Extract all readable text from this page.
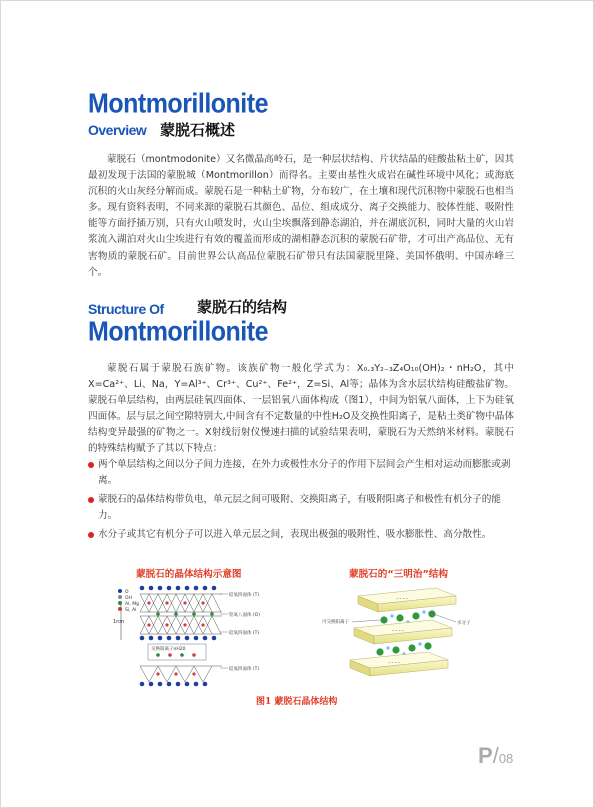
Montmorillonite
Overview 蒙脱石概述

蒙脱石（montmodonite）又名微晶高岭石，是一种层状结构、片状结晶的硅酸盐粘土矿，因其最初发现于法国的蒙脱城（Montmorillon）而得名。主要由基性火成岩在碱性环境中风化；或海底沉积的火山灰经分解而成。蒙脱石是一种粘土矿物，分布较广，在土壤和现代沉积物中蒙脱石也相当多。现有资料表明，不同来源的蒙脱石其颜色、品位、组成成分、离子交换能力、胶体性能、吸附性能等方面抒插万别，只有火山喷发时，火山尘埃飘落到静态湖泊，并在湖底沉积，同时大量的火山岩浆流入湖泊对火山尘埃进行有效的覆盖而形成的湖相静态沉积的蒙脱石矿带，才可出产高品位、无有害物质的蒙脱石矿。目前世界公认高品位蒙脱石矿带只有法国蒙脱里隆、美国怀俄明、中国赤峰三个。

Structure Of 蒙脱石的结构
Montmorillonite

蒙脱石属于蒙脱石族矿物。该族矿物一般化学式为：X₀.₃Y₂₋₃Z₄O₁₀(OH)₂・nH₂O，其中X=Ca²⁺、Li、Na，Y=Al³⁺、Cr³⁺、Cu²⁺、Fe²⁺，Z=Si、Al等；晶体为含水层状结构硅酸盐矿物。蒙脱石单层结构，由两层硅氧四面体、一层铝氧八面体构成（图1），中间为铝氧八面体，上下为硅氧四面体。层与层之间空隙特别大,中间含有不定数量的中性H₂O及交换性阳离子，是粘土类矿物中晶体结构变异最强的矿物之一。X射线衍射仪慢速扫描的试验结果表明，蒙脱石为天然纳米材料。蒙脱石的特殊结构赋予了其以下特点：

两个单层结构之间以分子间力连接，在外力或极性水分子的作用下层间会产生相对运动而膨胀或剥离。
蒙脱石的晶体结构带负电，单元层之间可吸附、交换阳离子，有吸附阳离子和极性有机分子的能力。
水分子或其它有机分子可以进入单元层之间，表现出极强的吸附性、吸水膨胀性、高分散性。
蒙脱石的晶体结构示意图	蒙脱石的“三明治”结构
O
OH
Al, Mg
Si, Al
1nm
交换阳离子nH20
硅氧四面体 (T)
铝氧八面体 (O)
硅氧四面体 (T)
硅氧四面体 (T)
- - - -
- - - -
- - - -
可交换阳离子	水分子
图1 蒙脱石晶体结构
P/08
